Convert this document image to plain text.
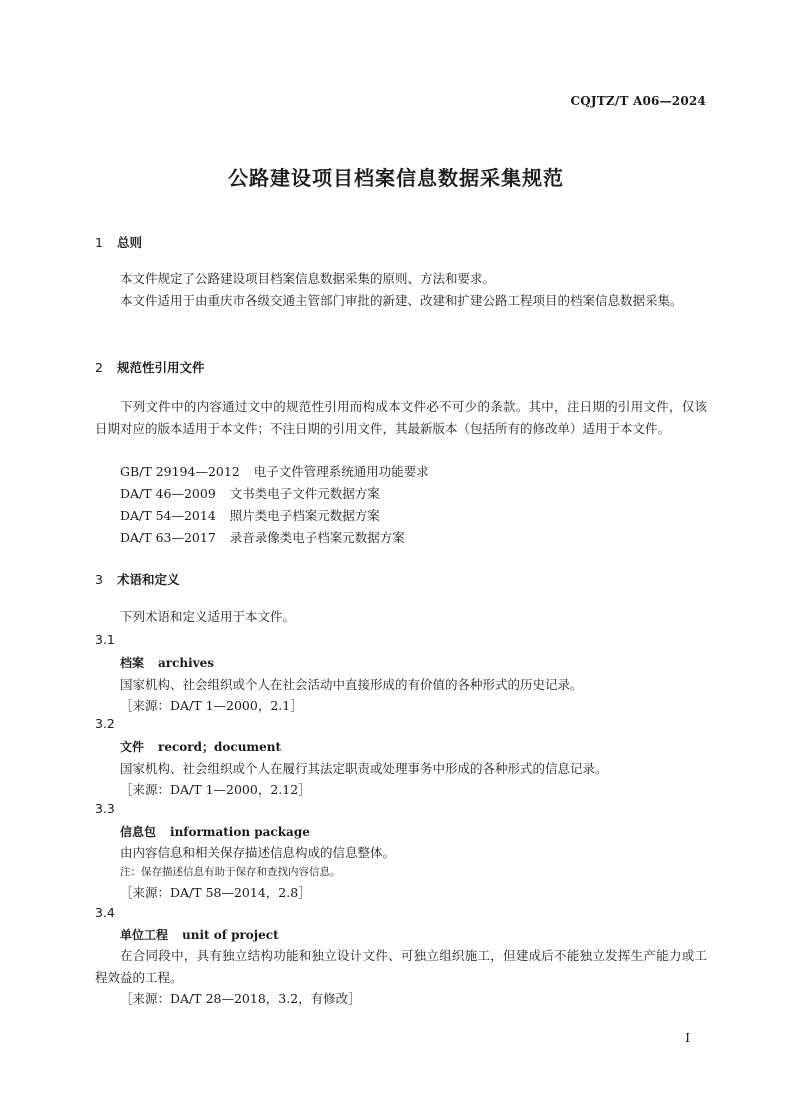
CQJTZ/T A06—2024
公路建设项目档案信息数据采集规范
1 总则
本文件规定了公路建设项目档案信息数据采集的原则、方法和要求。
本文件适用于由重庆市各级交通主管部门审批的新建、改建和扩建公路工程项目的档案信息数据采集。
2 规范性引用文件
下列文件中的内容通过文中的规范性引用而构成本文件必不可少的条款。其中，注日期的引用文件，仅该日期对应的版本适用于本文件；不注日期的引用文件，其最新版本（包括所有的修改单）适用于本文件。
GB/T 29194—2012 电子文件管理系统通用功能要求
DA/T 46—2009 文书类电子文件元数据方案
DA/T 54—2014 照片类电子档案元数据方案
DA/T 63—2017 录音录像类电子档案元数据方案
3 术语和定义
下列术语和定义适用于本文件。
3.1
档案 archives
国家机构、社会组织或个人在社会活动中直接形成的有价值的各种形式的历史记录。
［来源：DA/T 1—2000，2.1］
3.2
文件 record；document
国家机构、社会组织或个人在履行其法定职责或处理事务中形成的各种形式的信息记录。
［来源：DA/T 1—2000，2.12］
3.3
信息包 information package
由内容信息和相关保存描述信息构成的信息整体。
注：保存描述信息有助于保存和查找内容信息。
［来源：DA/T 58—2014，2.8］
3.4
单位工程 unit of project
在合同段中，具有独立结构功能和独立设计文件、可独立组织施工，但建成后不能独立发挥生产能力或工程效益的工程。
［来源：DA/T 28—2018，3.2，有修改］
I
